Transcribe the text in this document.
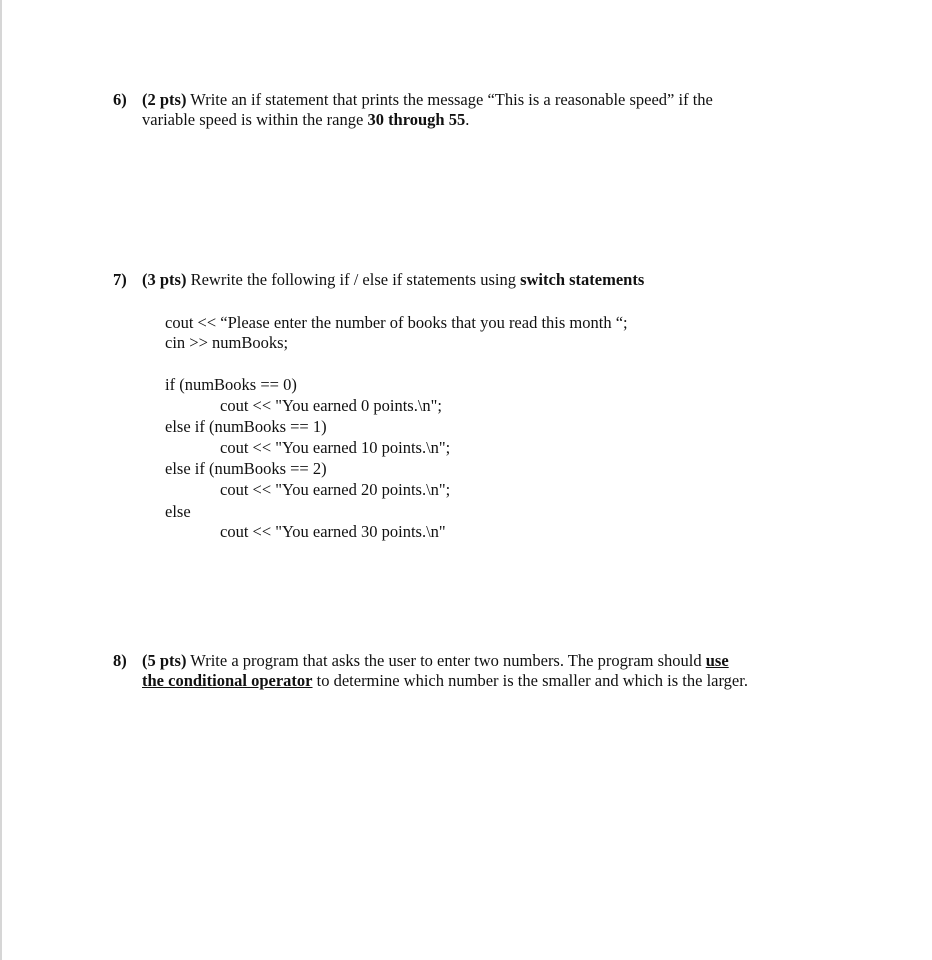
6) (2 pts) Write an if statement that prints the message “This is a reasonable speed” if the
variable speed is within the range 30 through 55.
7) (3 pts) Rewrite the following if / else if statements using switch statements
cout << “Please enter the number of books that you read this month “;
cin >> numBooks;
if (numBooks == 0)
cout << "You earned 0 points.\n";
else if (numBooks == 1)
cout << "You earned 10 points.\n";
else if (numBooks == 2)
cout << "You earned 20 points.\n";
else
cout << "You earned 30 points.\n"
8) (5 pts) Write a program that asks the user to enter two numbers. The program should use
the conditional operator to determine which number is the smaller and which is the larger.
